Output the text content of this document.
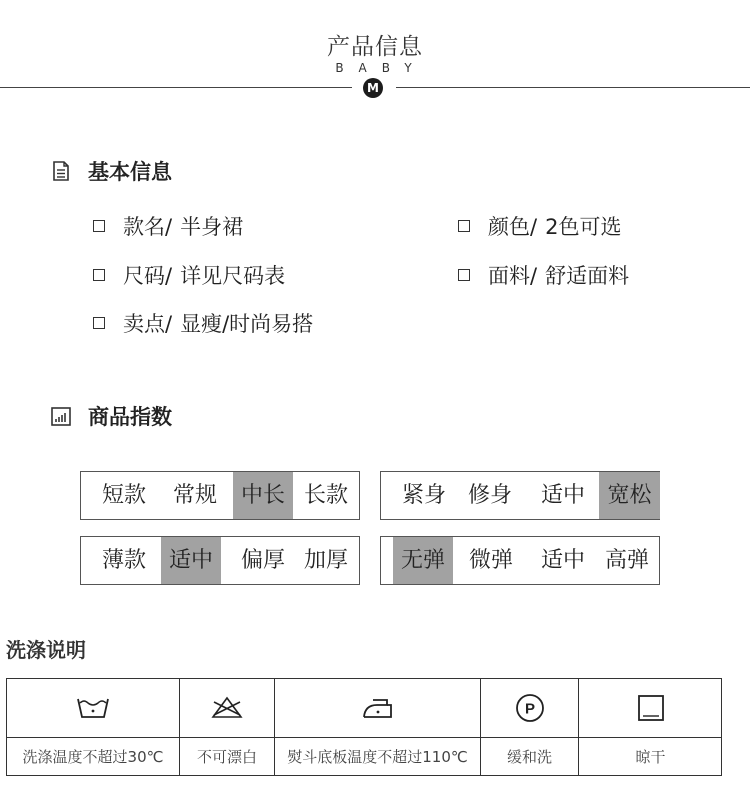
产品信息
BABY
M
基本信息
款名/ 半身裙	颜色/ 2色可选
尺码/ 详见尺码表	面料/ 舒适面料
卖点/ 显瘦/时尚易搭
商品指数
短款	常规	中长 长款	紧身 修身	适中	宽松
薄款	适中	偏厚 加厚	无弹	微弹	适中 高弹
洗涤说明
P
洗涤温度不超过30℃	不可漂白	熨斗底板温度不超过110℃	缓和洗	晾干
